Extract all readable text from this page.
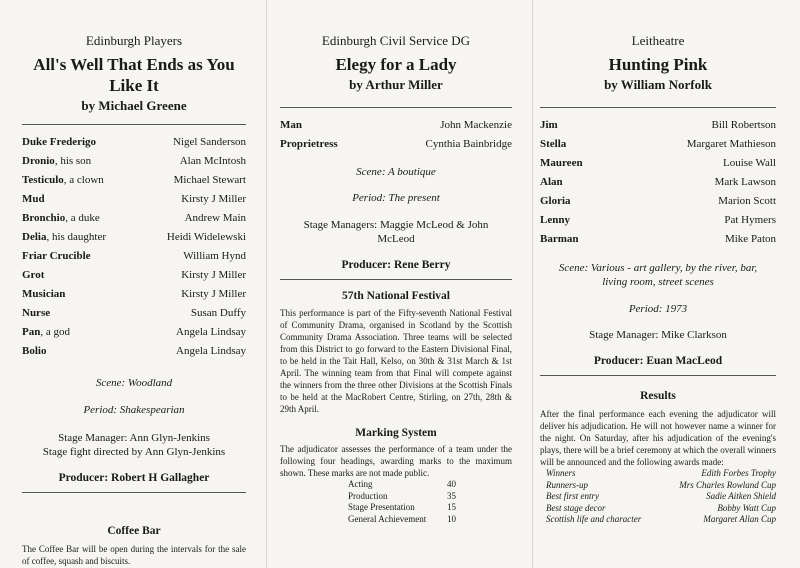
Edinburgh Players
All's Well That Ends as You Like It
by Michael Greene
Duke Frederigo	Nigel Sanderson
Dronio, his son	Alan McIntosh
Testiculo, a clown	Michael Stewart
Mud	Kirsty J Miller
Bronchio, a duke	Andrew Main
Delia, his daughter	Heidi Widelewski
Friar Crucible	William Hynd
Grot	Kirsty J Miller
Musician	Kirsty J Miller
Nurse	Susan Duffy
Pan, a god	Angela Lindsay
Bolio	Angela Lindsay
Scene: Woodland
Period: Shakespearian
Stage Manager: Ann Glyn-Jenkins
Stage fight directed by Ann Glyn-Jenkins
Producer: Robert H Gallagher
Coffee Bar
The Coffee Bar will be open during the intervals for the sale of coffee, squash and biscuits.
Edinburgh Civil Service DG
Elegy for a Lady
by Arthur Miller
Man	John Mackenzie
Proprietress	Cynthia Bainbridge
Scene: A boutique
Period: The present
Stage Managers: Maggie McLeod & John McLeod
Producer: Rene Berry
57th National Festival
This performance is part of the Fifty-seventh National Festival of Community Drama, organised in Scotland by the Scottish Community Drama Association. Three teams will be selected from this District to go forward to the Eastern Divisional Final, to be held in the Tait Hall, Kelso, on 30th & 31st March & 1st April. The winning team from that Final will compete against the winners from the three other Divisions at the Scottish Finals to be held at the MacRobert Centre, Stirling, on 27th, 28th & 29th April.
Marking System
The adjudicator assesses the performance of a team under the following four headings, awarding marks to the maximum shown. These marks are not made public.
Acting	40
Production	35
Stage Presentation	15
General Achievement 10
Leitheatre
Hunting Pink
by William Norfolk
Jim	Bill Robertson
Stella	Margaret Mathieson
Maureen	Louise Wall
Alan	Mark Lawson
Gloria	Marion Scott
Lenny	Pat Hymers
Barman	Mike Paton
Scene: Various - art gallery, by the river, bar, living room, street scenes
Period: 1973
Stage Manager: Mike Clarkson
Producer: Euan MacLeod
Results
After the final performance each evening the adjudicator will deliver his adjudication. He will not however name a winner for the night. On Saturday, after his adjudication of the evening's plays, there will be a brief ceremony at which the overall winners will be announced and the following awards made:
Winners	Edith Forbes Trophy
Runners-up	Mrs Charles Rowland Cup
Best first entry	Sadie Aitken Shield
Best stage decor	Bobby Watt Cup
Scottish life and character	Margaret Allan Cup
